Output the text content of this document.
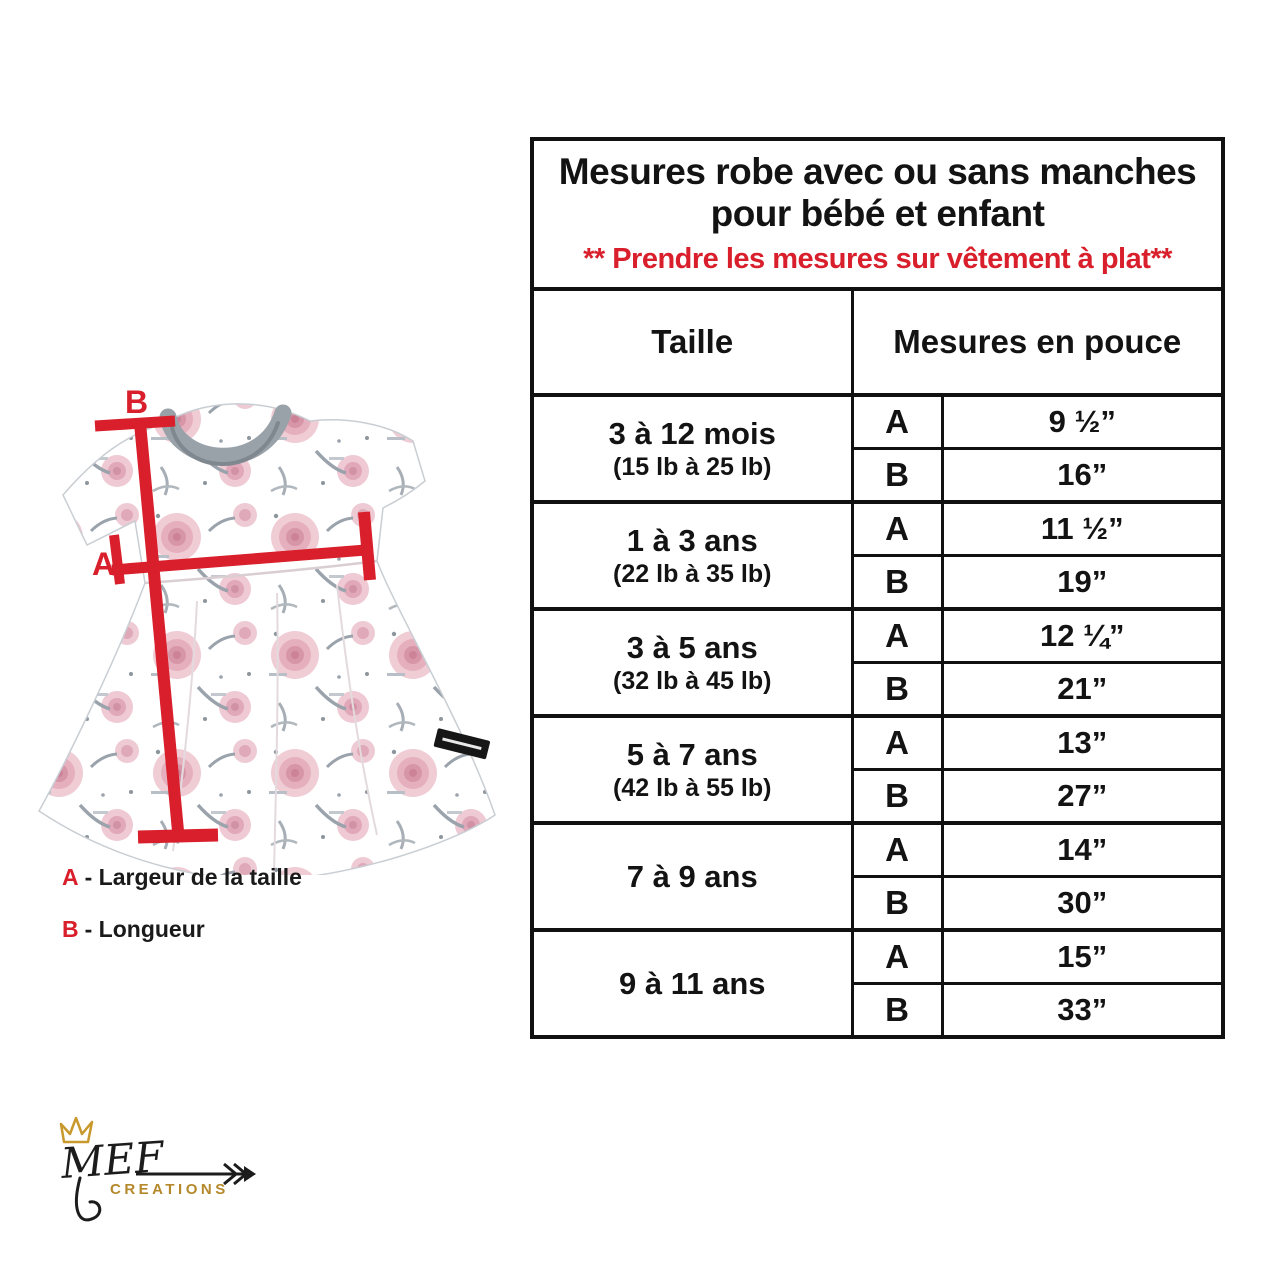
B
A
A - Largeur de la taille
B - Longueur
Mesures robe avec ou sans manches
pour bébé et enfant
** Prendre les mesures sur vêtement à plat**		

Taille	Mesures en pouce	

3 à 12 mois
(15 lb à 25 lb)	A	9 ½”
	B	16”

1 à 3 ans
(22 lb à 35 lb)	A	11 ½”
	B	19”

3 à 5 ans
(32 lb à 45 lb)	A	12 ¼”
	B	21”

5 à 7 ans
(42 lb à 55 lb)	A	13”
	B	27”

7 à 9 ans	A	14”
	B	30”

9 à 11 ans	A	15”
	B	33”
MEF
CREATIONS
